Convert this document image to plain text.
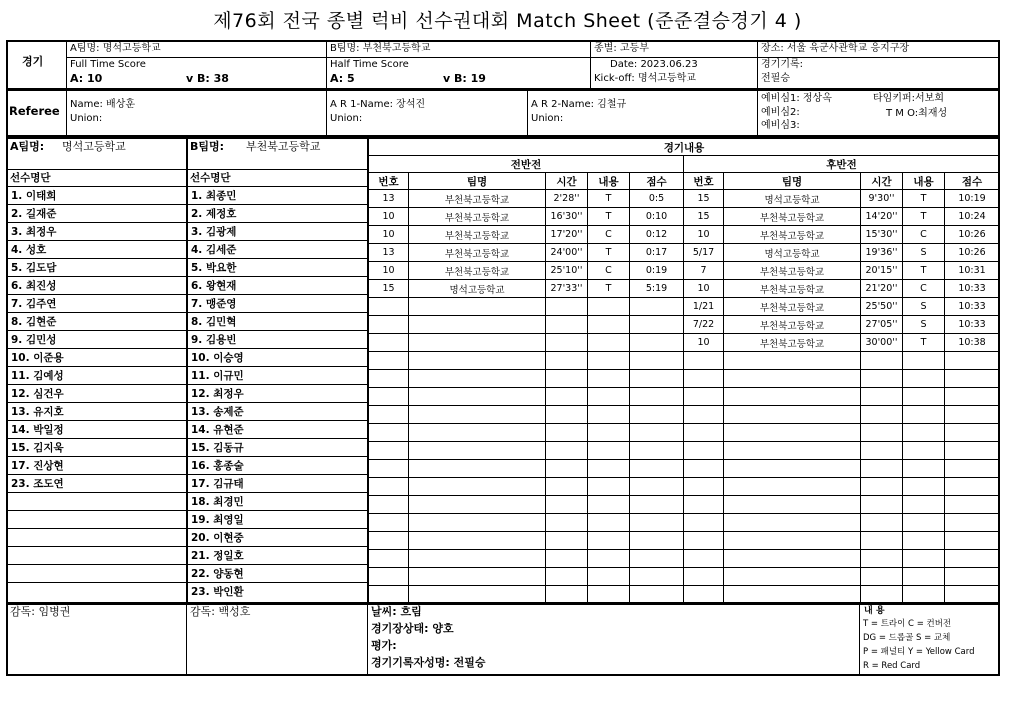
제76회 전국 종별 럭비 선수권대회 Match Sheet (준준결승경기 4 )
경기
A팀명: 명석고등학교	B팀명: 부천북고등학교	종별: 고등부	장소: 서울 육군사관학교 응지구장
Full Time Score
A: 10	v B: 38
Half Time Score
A: 5	v B: 19
Date: 2023.06.23
Kick-off: 명석고등학교
경기기록:
전필승
Referee Name: 배상훈
Union:
A R 1-Name: 장석진
Union:
A R 2-Name: 김철규
Union:
예비심1: 정상옥
예비심2:
예비심3:
타임키퍼:서보희
T M O:최재성
A팀명: 명석고등학교	B팀명: 부천북고등학교
선수명단	선수명단
1. 이태희
2. 길재준
3. 최정우
4. 성호
5. 김도담
6. 최진성
7. 김주연
8. 김현준
9. 김민성
10. 이준용
11. 김예성
12. 심건우
13. 유지호
14. 박일정
15. 김지욱
17. 진상현
23. 조도연

1. 최종민
2. 제정호
3. 김광제
4. 김세준
5. 박요한
6. 왕현재
7. 맹준영
8. 김민혁
9. 김용빈
10. 이승영
11. 이규민
12. 최정우
13. 송제준
14. 유현준
15. 김동규
16. 홍종술
17. 김규태
18. 최경민
19. 최영일
20. 이현중
21. 정일호
22. 양동현
23. 박인환
경기내용									
전반전					후반전				
번호	팀명	시간	내용	점수	번호	팀명	시간	내용	점수
13	부천북고등학교	2'28''	T	0:5	15	명석고등학교	9'30''	T	10:19
10	부천북고등학교	16'30''	T	0:10	15	부천북고등학교	14'20''	T	10:24
10	부천북고등학교	17'20''	C	0:12	10	부천북고등학교	15'30''	C	10:26
13	부천북고등학교	24'00''	T	0:17	5/17	명석고등학교	19'36''	S	10:26
10	부천북고등학교	25'10''	C	0:19	7	부천북고등학교	20'15''	T	10:31
15	명석고등학교	27'33''	T	5:19	10	부천북고등학교	21'20''	C	10:33
					1/21	부천북고등학교	25'50''	S	10:33
					7/22	부천북고등학교	27'05''	S	10:33
					10	부천북고등학교	30'00''	T	10:38

감독: 임병권	감독: 백성호	날씨: 흐림
경기장상태: 양호
평가:
경기기록자성명: 전필승
내 용
T = 트라이 C = 컨버전
DG = 드롭골 S = 교체
P = 패널티 Y = Yellow Card
R = Red Card
